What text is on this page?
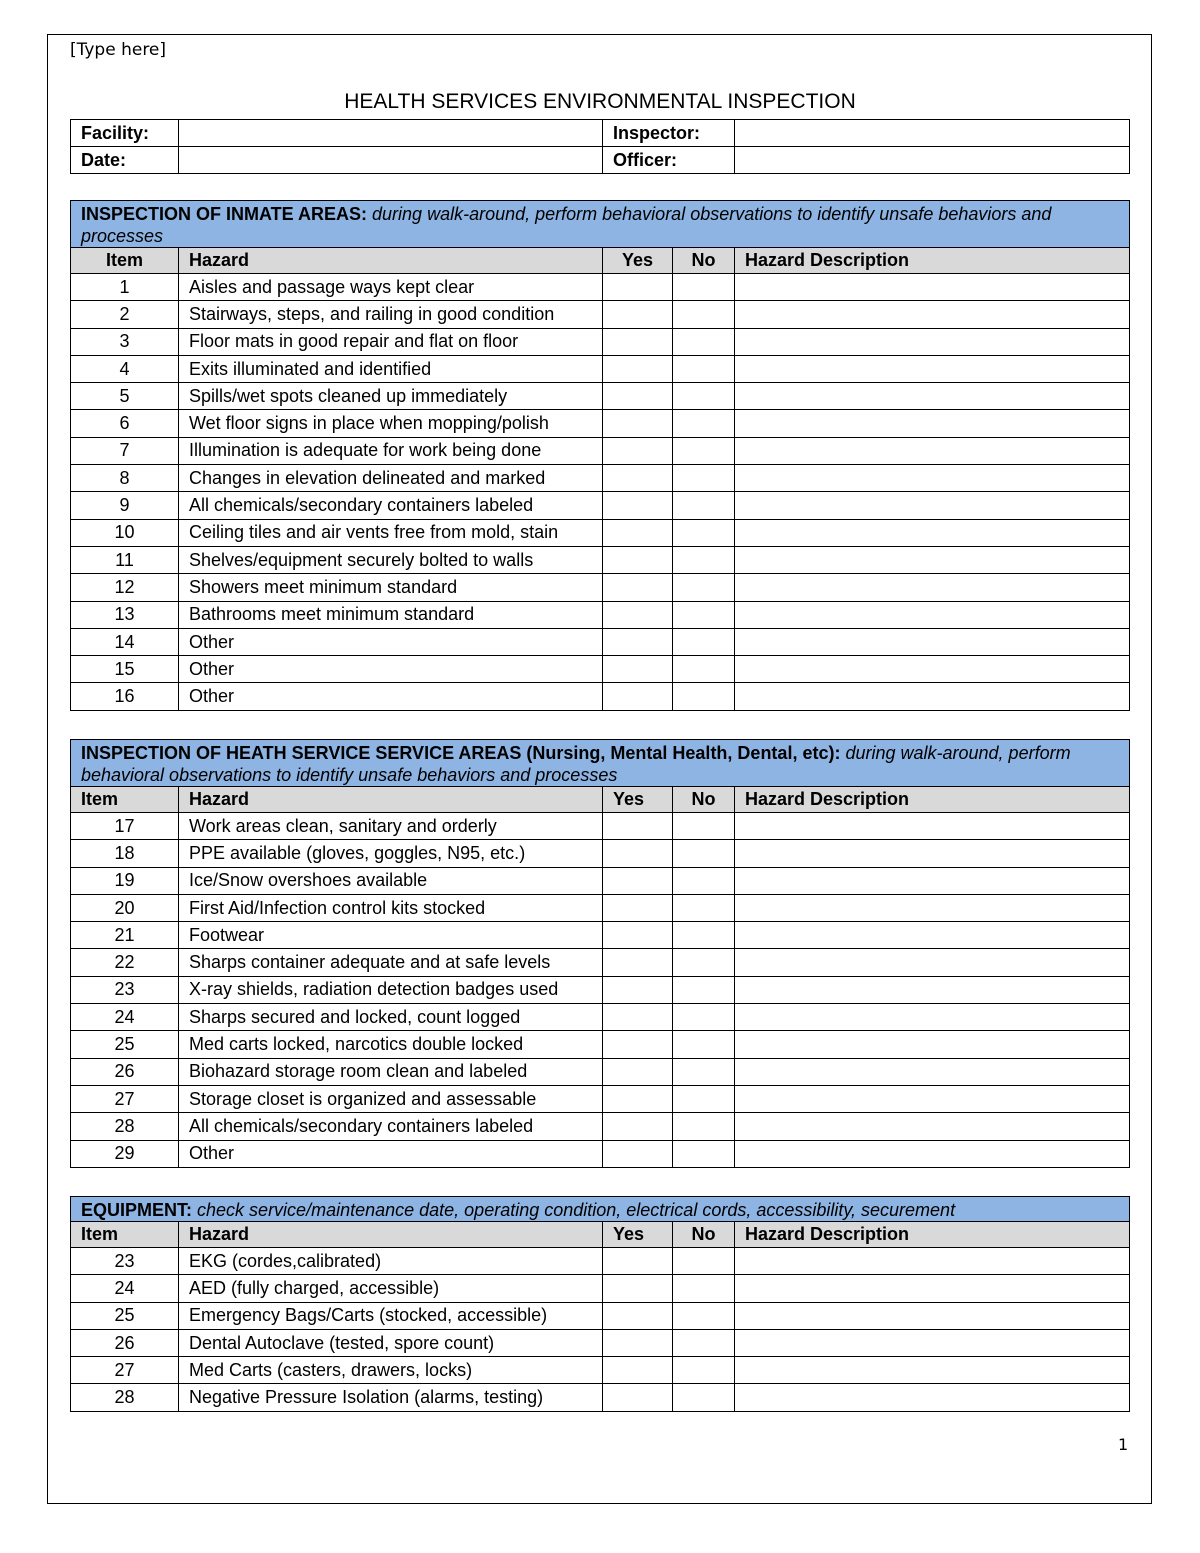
[Type here]
HEALTH SERVICES ENVIRONMENTAL INSPECTION
Facility:		Inspector:	
Date:		Officer:	
INSPECTION OF INMATE AREAS: during walk-around, perform behavioral observations to identify unsafe behaviors and processes				
Item	Hazard	Yes	No	Hazard Description
1	Aisles and passage ways kept clear			
2	Stairways, steps, and railing in good condition			
3	Floor mats in good repair and flat on floor			
4	Exits illuminated and identified			
5	Spills/wet spots cleaned up immediately			
6	Wet floor signs in place when mopping/polish			
7	Illumination is adequate for work being done			
8	Changes in elevation delineated and marked			
9	All chemicals/secondary containers labeled			
10	Ceiling tiles and air vents free from mold, stain			
11	Shelves/equipment securely bolted to walls			
12	Showers meet minimum standard			
13	Bathrooms meet minimum standard			
14	Other			
15	Other			
16	Other			
INSPECTION OF HEATH SERVICE SERVICE AREAS (Nursing, Mental Health, Dental, etc): during walk-around, perform behavioral observations to identify unsafe behaviors and processes				
Item	Hazard	Yes	No	Hazard Description
17	Work areas clean, sanitary and orderly			
18	PPE available (gloves, goggles, N95, etc.)			
19	Ice/Snow overshoes available			
20	First Aid/Infection control kits stocked			
21	Footwear			
22	Sharps container adequate and at safe levels			
23	X-ray shields, radiation detection badges used			
24	Sharps secured and locked, count logged			
25	Med carts locked, narcotics double locked			
26	Biohazard storage room clean and labeled			
27	Storage closet is organized and assessable			
28	All chemicals/secondary containers labeled			
29	Other			
EQUIPMENT: check service/maintenance date, operating condition, electrical cords, accessibility, securement				
Item	Hazard	Yes	No	Hazard Description
23	EKG (cordes,calibrated)			
24	AED (fully charged, accessible)			
25	Emergency Bags/Carts (stocked, accessible)			
26	Dental Autoclave (tested, spore count)			
27	Med Carts (casters, drawers, locks)			
28	Negative Pressure Isolation (alarms, testing)			
1
